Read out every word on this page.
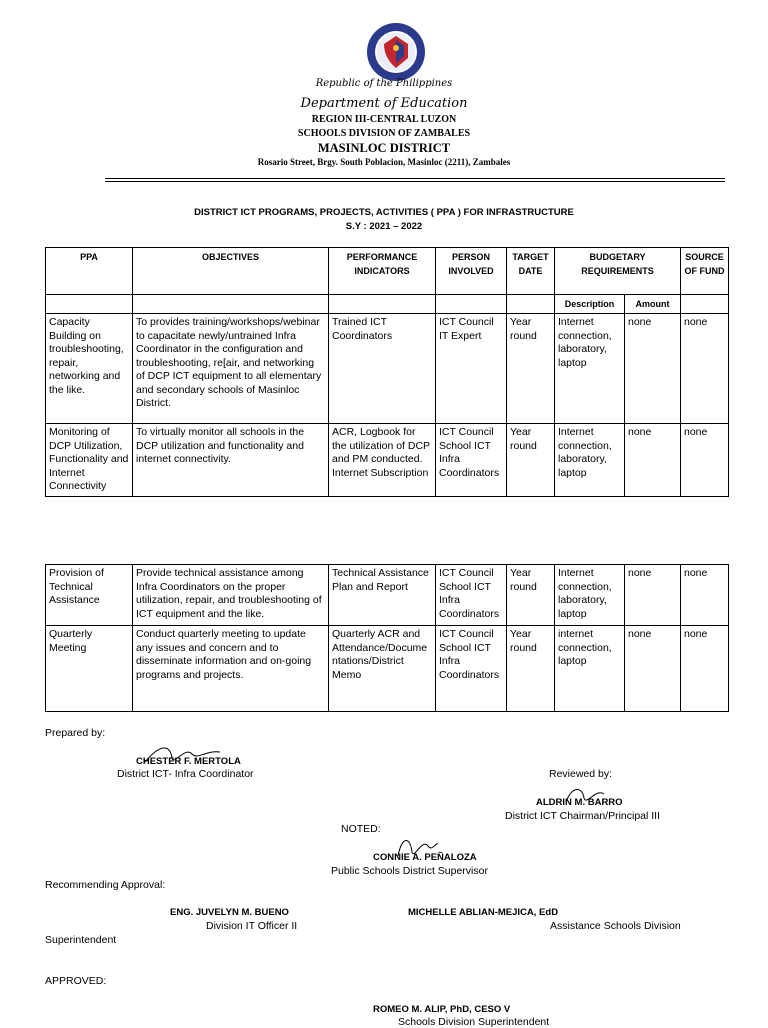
Republic of the Philippines
Department of Education
REGION III-CENTRAL LUZON
SCHOOLS DIVISION OF ZAMBALES
MASINLOC DISTRICT
Rosario Street, Brgy. South Poblacion, Masinloc (2211), Zambales
DISTRICT ICT PROGRAMS, PROJECTS, ACTIVITIES ( PPA ) FOR INFRASTRUCTURE
S.Y : 2021 – 2022
PPA	OBJECTIVES	PERFORMANCE INDICATORS	PERSON INVOLVED	TARGET DATE	BUDGETARY REQUIREMENTS		SOURCE OF FUND
					Description	Amount	
Capacity Building on troubleshooting, repair, networking and the like.	To provides training/workshops/webinar to capacitate newly/untrained Infra Coordinator in the configuration and troubleshooting, re[air, and networking of DCP ICT equipment to all elementary and secondary schools of Masinloc District.	Trained ICT Coordinators	ICT Council IT Expert	Year round	Internet connection, laboratory, laptop	none	none
Monitoring of DCP Utilization, Functionality and Internet Connectivity	To virtually monitor all schools in the DCP utilization and functionality and internet connectivity.	ACR, Logbook for the utilization of DCP and PM conducted. Internet Subscription	ICT Council School ICT Infra Coordinators	Year round	Internet connection, laboratory, laptop	none	none
Provision of Technical Assistance	Provide technical assistance among Infra Coordinators on the proper utilization, repair, and troubleshooting of ICT equipment and the like.	Technical Assistance Plan and Report	ICT Council School ICT Infra Coordinators	Year round	Internet connection, laboratory, laptop	none	none
Quarterly Meeting	Conduct quarterly meeting to update any issues and concern and to disseminate information and on-going programs and projects.	Quarterly ACR and Attendance/Documentations/District Memo	ICT Council School ICT Infra Coordinators	Year round	internet connection, laptop	none	none
Prepared by:
CHESTER F. MERTOLA
District ICT- Infra Coordinator	Reviewed by:
ALDRIN M. BARRO
District ICT Chairman/Principal III
NOTED:
CONNIE A. PEÑALOZA
Public Schools District Supervisor
Recommending Approval:
ENG. JUVELYN M. BUENO
Division IT Officer II
MICHELLE ABLIAN-MEJICA, EdD
Assistance Schools Division
Superintendent
APPROVED:
ROMEO M. ALIP, PhD, CESO V
Schools Division Superintendent
